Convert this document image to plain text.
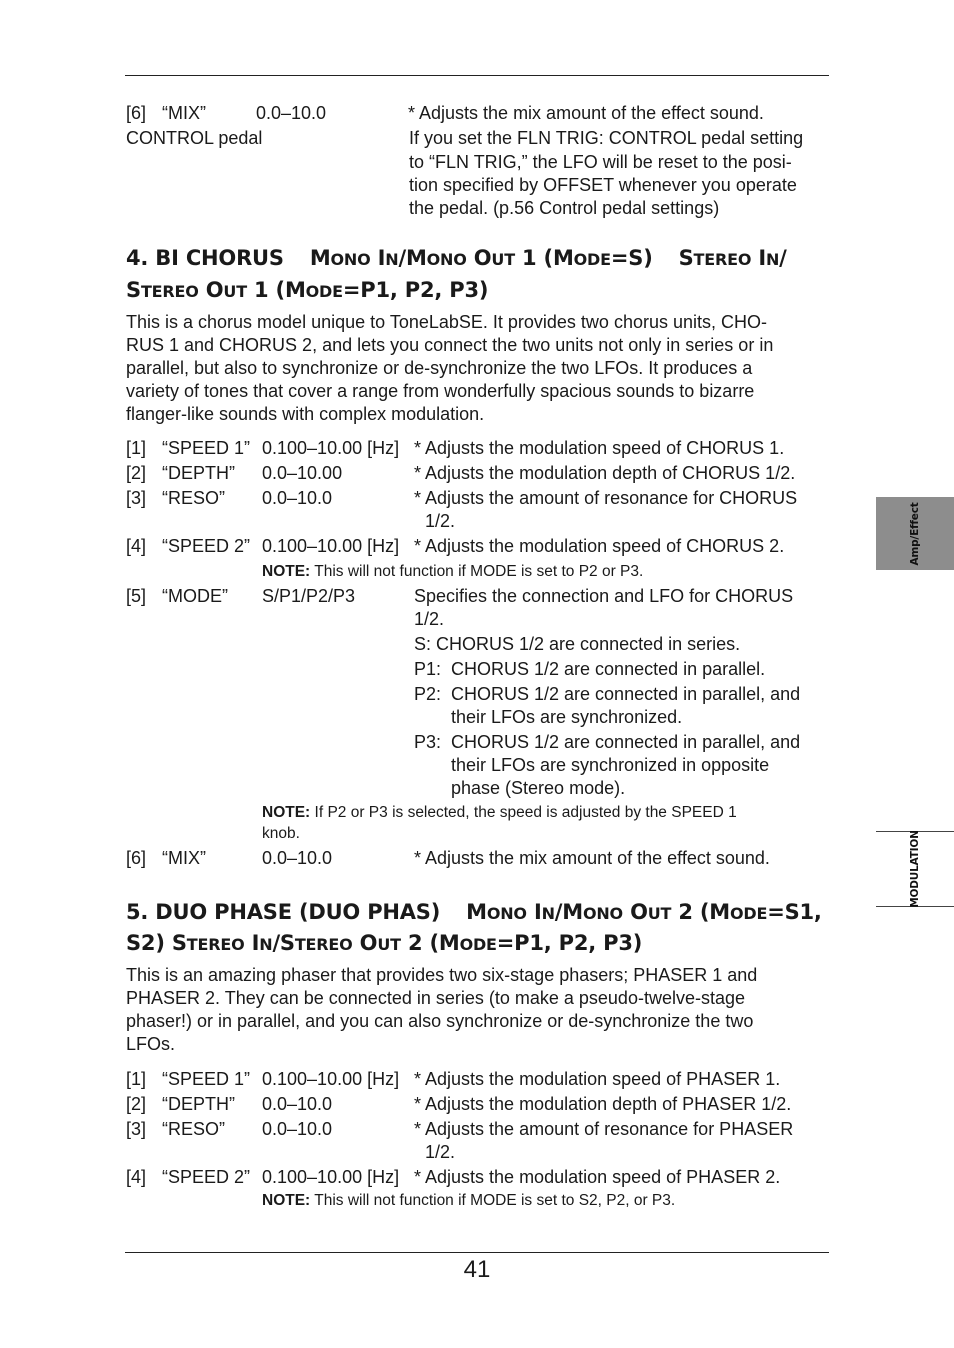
[6] “MIX”	0.0–10.0	* Adjusts the mix amount of the effect sound.
CONTROL pedal	If you set the FLN TRIG: CONTROL pedal setting
to “FLN TRIG,” the LFO will be reset to the posi-
tion specified by OFFSET whenever you operate
the pedal. (p.56 Control pedal settings)
4. BI CHORUS MONO IN/MONO OUT 1 (MODE=S) STEREO IN/
STEREO OUT 1 (MODE=P1, P2, P3)
This is a chorus model unique to ToneLabSE. It provides two chorus units, CHO-
RUS 1 and CHORUS 2, and lets you connect the two units not only in series or in
parallel, but also to synchronize or de-synchronize the two LFOs. It produces a
variety of tones that cover a range from wonderfully spacious sounds to bizarre
flanger-like sounds with complex modulation.
[1] “SPEED 1” 0.100–10.00 [Hz] * Adjusts the modulation speed of CHORUS 1.
[2] “DEPTH” 0.0–10.00	* Adjusts the modulation depth of CHORUS 1/2.
[3] “RESO” 0.0–10.0	* Adjusts the amount of resonance for CHORUS
1/2.
[4] “SPEED 2” 0.100–10.00 [Hz] * Adjusts the modulation speed of CHORUS 2.
NOTE: This will not function if MODE is set to P2 or P3.
[5] “MODE” S/P1/P2/P3	Specifies the connection and LFO for CHORUS
1/2.
S: CHORUS 1/2 are connected in series.
P1: CHORUS 1/2 are connected in parallel.
P2: CHORUS 1/2 are connected in parallel, and
their LFOs are synchronized.
P3: CHORUS 1/2 are connected in parallel, and
their LFOs are synchronized in opposite
phase (Stereo mode).
NOTE: If P2 or P3 is selected, the speed is adjusted by the SPEED 1
knob.
[6] “MIX”	0.0–10.0	* Adjusts the mix amount of the effect sound.
5. DUO PHASE (DUO PHAS) MONO IN/MONO OUT 2 (MODE=S1,
S2) STEREO IN/STEREO OUT 2 (MODE=P1, P2, P3)
This is an amazing phaser that provides two six-stage phasers; PHASER 1 and
PHASER 2. They can be connected in series (to make a pseudo-twelve-stage
phaser!) or in parallel, and you can also synchronize or de-synchronize the two
LFOs.
[1] “SPEED 1” 0.100–10.00 [Hz] * Adjusts the modulation speed of PHASER 1.
[2] “DEPTH” 0.0–10.0	* Adjusts the modulation depth of PHASER 1/2.
[3] “RESO” 0.0–10.0	* Adjusts the amount of resonance for PHASER
1/2.
[4] “SPEED 2” 0.100–10.00 [Hz] * Adjusts the modulation speed of PHASER 2.
NOTE: This will not function if MODE is set to S2, P2, or P3.
Amp/Effect
MODULATION
41
